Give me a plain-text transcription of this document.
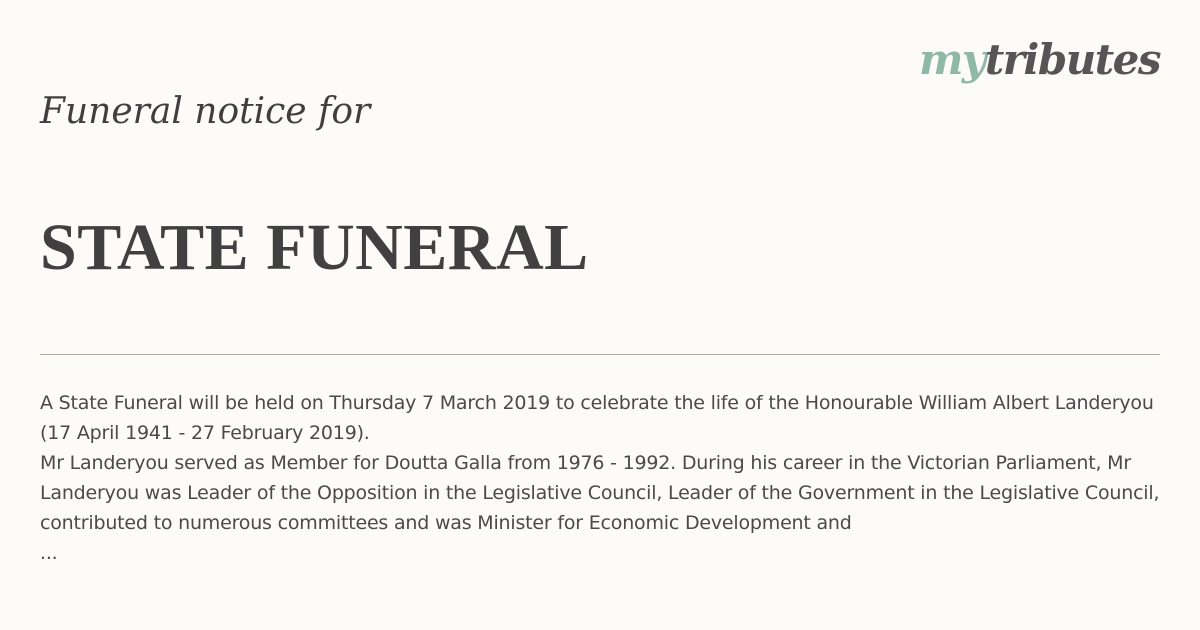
mytributes
Funeral notice for
STATE FUNERAL

A State Funeral will be held on Thursday 7 March 2019 to celebrate the life of the Honourable William Albert Landeryou (17 April 1941 - 27 February 2019).

Mr Landeryou served as Member for Doutta Galla from 1976 - 1992. During his career in the Victorian Parliament, Mr Landeryou was Leader of the Opposition in the Legislative Council, Leader of the Government in the Legislative Council, contributed to numerous committees and was Minister for Economic Development and

...
